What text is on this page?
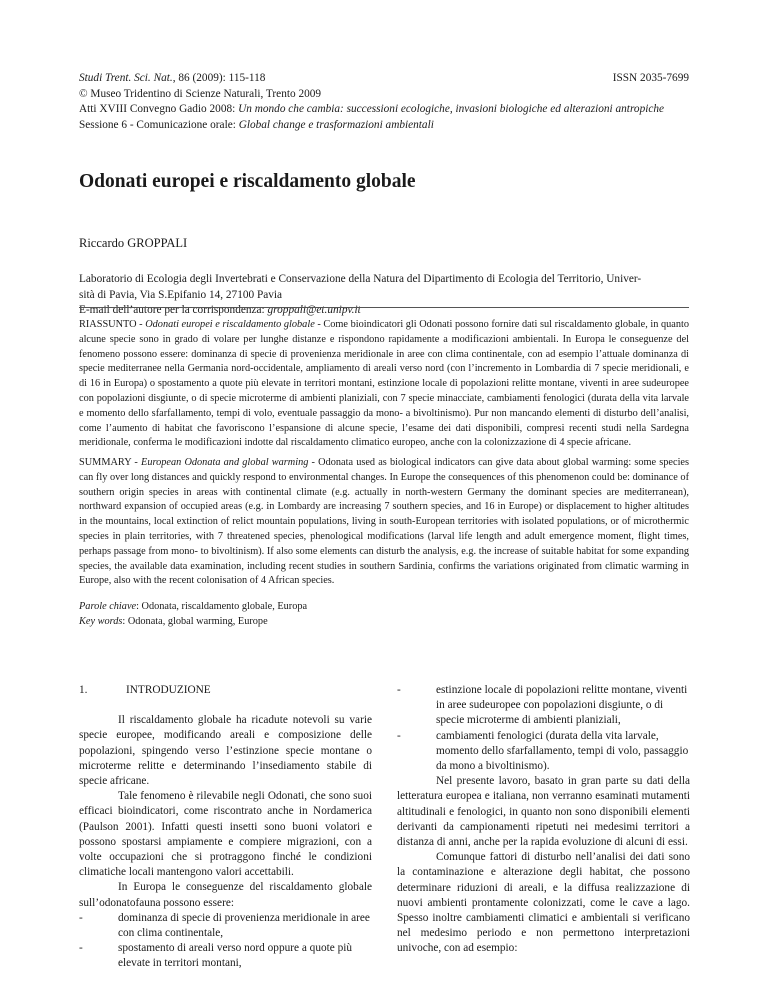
Studi Trent. Sci. Nat., 86 (2009): 115-118	ISSN 2035-7699
© Museo Tridentino di Scienze Naturali, Trento 2009
Atti XVIII Convegno Gadio 2008: Un mondo che cambia: successioni ecologiche, invasioni biologiche ed alterazioni antropiche
Sessione 6 - Comunicazione orale: Global change e trasformazioni ambientali
Odonati europei e riscaldamento globale
Riccardo GROPPALI
Laboratorio di Ecologia degli Invertebrati e Conservazione della Natura del Dipartimento di Ecologia del Territorio, Univer-
sità di Pavia, Via S.Epifanio 14, 27100 Pavia
E-mail dell’autore per la corrispondenza: groppali@et.unipv.it
RIASSUNTO - Odonati europei e riscaldamento globale - Come bioindicatori gli Odonati possono fornire dati sul riscaldamento globale, in quanto alcune specie sono in grado di volare per lunghe distanze e rispondono rapidamente a modificazioni ambientali. In Europa le conseguenze del fenomeno possono essere: dominanza di specie di provenienza meridionale in aree con clima continentale, con ad esempio l’attuale dominanza di specie mediterranee nella Germania nord-occidentale, ampliamento di areali verso nord (con l’incremento in Lombardia di 7 specie meridionali, e di 16 in Europa) o spostamento a quote più elevate in territori montani, estinzione locale di popolazioni relitte montane, viventi in aree sudeuropee con popolazioni disgiunte, o di specie microterme di ambienti planiziali, con 7 specie minacciate, cambiamenti fenologici (durata della vita larvale e momento dello sfarfallamento, tempi di volo, eventuale passaggio da mono- a bivoltinismo). Pur non mancando elementi di disturbo dell’analisi, come l’aumento di habitat che favoriscono l’espansione di alcune specie, l’esame dei dati disponibili, compresi recenti studi nella Sardegna meridionale, conferma le modificazioni indotte dal riscaldamento climatico europeo, anche con la colonizzazione di 4 specie africane.
SUMMARY - European Odonata and global warming - Odonata used as biological indicators can give data about global warming: some species can fly over long distances and quickly respond to environmental changes. In Europe the consequences of this phenomenon could be: dominance of southern origin species in areas with continental climate (e.g. actually in north-western Germany the dominant species are mediterranean), northward expansion of occupied areas (e.g. in Lombardy are increasing 7 southern species, and 16 in Europe) or displacement to higher altitudes in the mountains, local extinction of relict mountain populations, living in south-European territories with isolated populations, or of microthermic species in plain territories, with 7 threatened species, phenological modifications (larval life length and adult emergence moment, flight times, perhaps passage from mono- to bivoltinism). If also some elements can disturb the analysis, e.g. the increase of suitable habitat for some expanding species, the available data examination, including recent studies in southern Sardinia, confirms the variations originated from climatic warming in Europe, also with the recent colonisation of 4 African species.
Parole chiave: Odonata, riscaldamento globale, Europa
Key words: Odonata, global warming, Europe
1.	INTRODUZIONE

Il riscaldamento globale ha ricadute notevoli su varie specie europee, modificando areali e composizione delle popolazioni, spingendo verso l’estinzione specie montane o microterme relitte e determinando l’insediamento stabile di specie africane.

Tale fenomeno è rilevabile negli Odonati, che sono suoi efficaci bioindicatori, come riscontrato anche in Nordamerica (Paulson 2001). Infatti questi insetti sono buoni volatori e possono spostarsi ampiamente e compiere migrazioni, con a volte occupazioni che si protraggono finché le condizioni climatiche locali mantengono valori accettabili.

In Europa le conseguenze del riscaldamento globale sull’odonatofauna possono essere:

-	dominanza di specie di provenienza meridionale in aree con clima continentale,
-	spostamento di areali verso nord oppure a quote più elevate in territori montani,
-	estinzione locale di popolazioni relitte montane, viventi in aree sudeuropee con popolazioni disgiunte, o di specie microterme di ambienti planiziali,
-	cambiamenti fenologici (durata della vita larvale, momento dello sfarfallamento, tempi di volo, passaggio da mono a bivoltinismo).

Nel presente lavoro, basato in gran parte su dati della letteratura europea e italiana, non verranno esaminati mutamenti altitudinali e fenologici, in quanto non sono disponibili elementi derivanti da campionamenti ripetuti nei medesimi territori a distanza di anni, anche per la rapida evoluzione di alcuni di essi.

Comunque fattori di disturbo nell’analisi dei dati sono la contaminazione e alterazione degli habitat, che possono determinare riduzioni di areali, e la diffusa realizzazione di nuovi ambienti prontamente colonizzati, come le cave a lago. Spesso inoltre cambiamenti climatici e ambientali si verificano nel medesimo periodo e non permettono interpretazioni univoche, con ad esempio:
